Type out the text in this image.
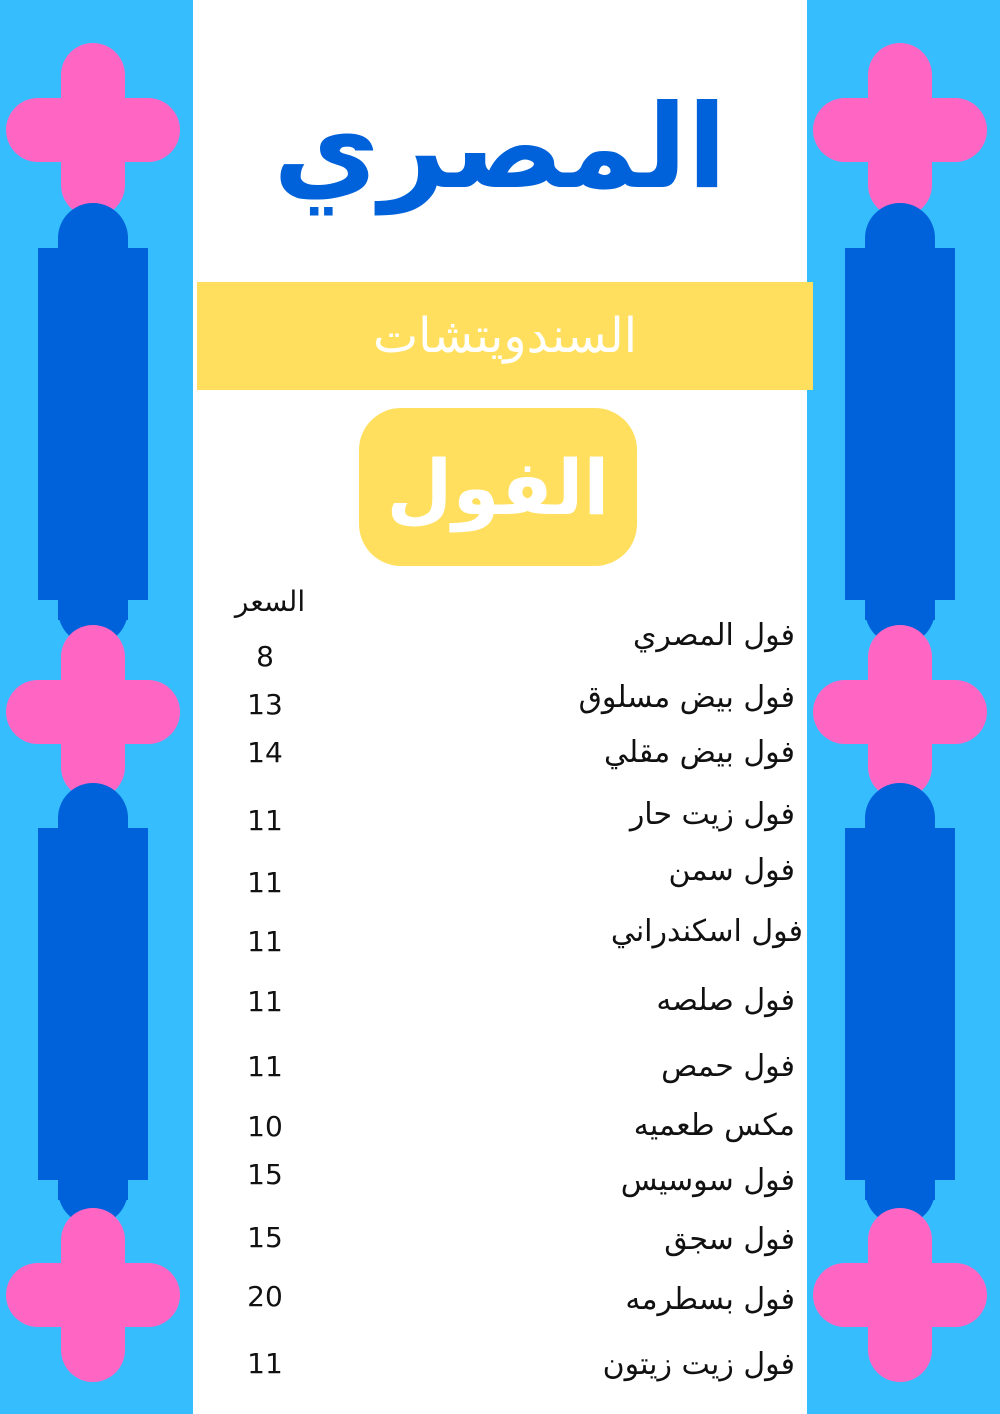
المصري
السندويتشات
الفول
السعر
فول المصري
8
فول بيض مسلوق
13
فول بيض مقلي
14
فول زيت حار
11
فول سمن
11
فول اسكندراني
11
فول صلصه
11
فول حمص
11
مكس طعميه
10
فول سوسيس
15
فول سجق
15
فول بسطرمه
20
فول زيت زيتون
11
